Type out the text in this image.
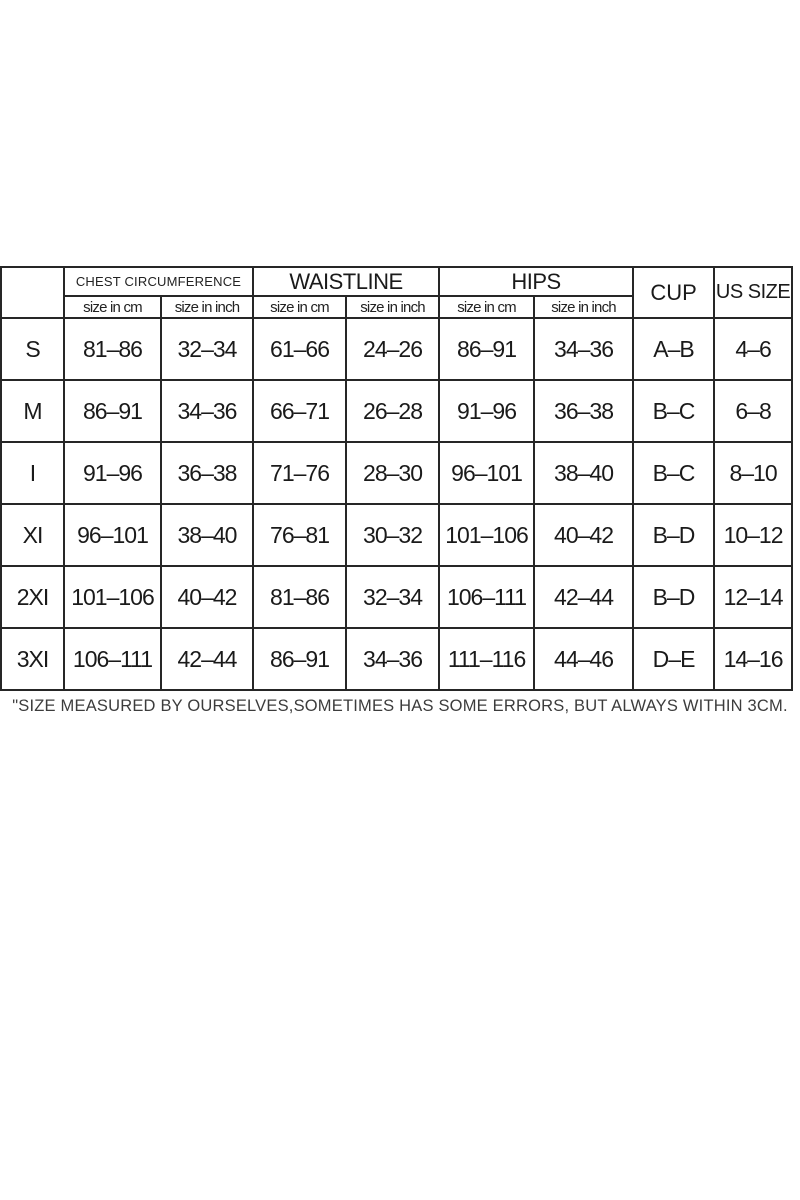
	CHEST CIRCUMFERENCE		WAISTLINE		HIPS		CUP	US SIZE
	size in cm	size in inch	size in cm	size in inch	size in cm	size in inch		
S	81–86	32–34	61–66	24–26	86–91	34–36	A–B	4–6
M	86–91	34–36	66–71	26–28	91–96	36–38	B–C	6–8
I	91–96	36–38	71–76	28–30	96–101	38–40	B–C	8–10
XI	96–101	38–40	76–81	30–32	101–106	40–42	B–D	10–12
2XI	101–106	40–42	81–86	32–34	106–111	42–44	B–D	12–14
3XI	106–111	42–44	86–91	34–36	111–116	44–46	D–E	14–16
"SIZE MEASURED BY OURSELVES,SOMETIMES HAS SOME ERRORS, BUT ALWAYS WITHIN 3CM.
